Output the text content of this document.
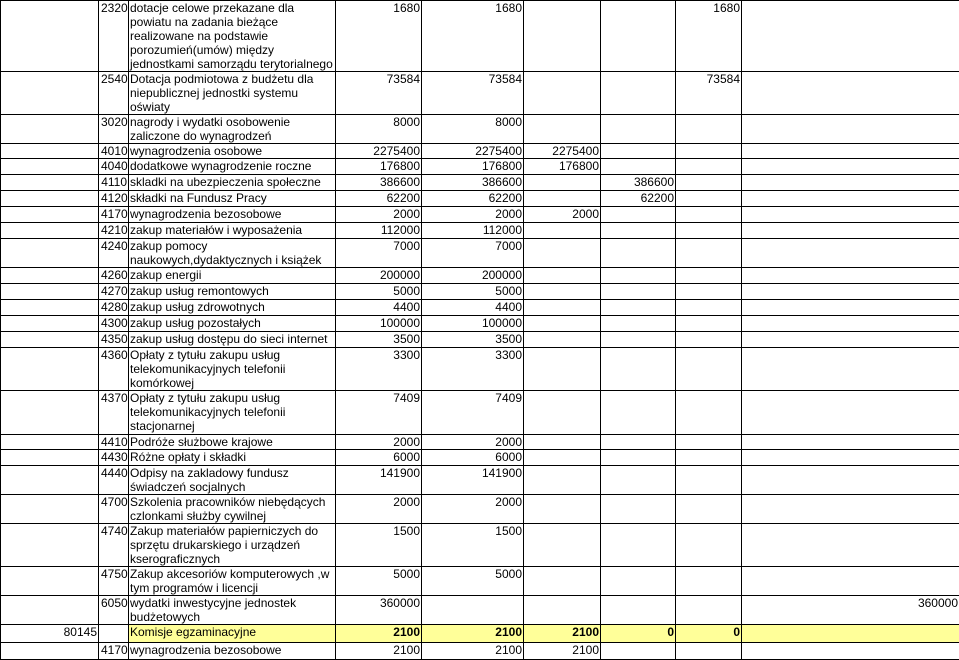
	2320	dotacje celowe przekazane dla powiatu na zadania bieżące realizowane na podstawie porozumień(umów) między jednostkami samorządu terytorialnego	1680	1680			1680	
	2540	Dotacja podmiotowa z budżetu dla niepublicznej jednostki systemu oświaty	73584	73584			73584	
	3020	nagrody i wydatki osobowenie zaliczone do wynagrodzeń	8000	8000				
	4010	wynagrodzenia osobowe	2275400	2275400	2275400			
	4040	dodatkowe wynagrodzenie roczne	176800	176800	176800			
	4110	skladki na ubezpieczenia społeczne	386600	386600		386600		
	4120	składki na Fundusz Pracy	62200	62200		62200		
	4170	wynagrodzenia bezosobowe	2000	2000	2000			
	4210	zakup materiałów i wyposażenia	112000	112000				
	4240	zakup pomocy naukowych,dydaktycznych i książek	7000	7000				
	4260	zakup energii	200000	200000				
	4270	zakup usług remontowych	5000	5000				
	4280	zakup usług zdrowotnych	4400	4400				
	4300	zakup usług pozostałych	100000	100000				
	4350	zakup usług dostępu do sieci internet	3500	3500				
	4360	Opłaty z tytułu zakupu usług telekomunikacyjnych telefonii komórkowej	3300	3300				
	4370	Opłaty z tytułu zakupu usług telekomunikacyjnych telefonii stacjonarnej	7409	7409				
	4410	Podróże służbowe krajowe	2000	2000				
	4430	Różne opłaty i składki	6000	6000				
	4440	Odpisy na zakladowy fundusz świadczeń socjalnych	141900	141900				
	4700	Szkolenia pracowników niebędących czlonkami służby cywilnej	2000	2000				
	4740	Zakup materiałów papierniczych do sprzętu drukarskiego i urządzeń kserograficznych	1500	1500				
	4750	Zakup akcesoriów komputerowych ,w tym programów i licencji	5000	5000				
	6050	wydatki inwestycyjne jednostek budżetowych	360000					360000
80145		Komisje egzaminacyjne	2100	2100	2100	0	0	
	4170	wynagrodzenia bezosobowe	2100	2100	2100			
